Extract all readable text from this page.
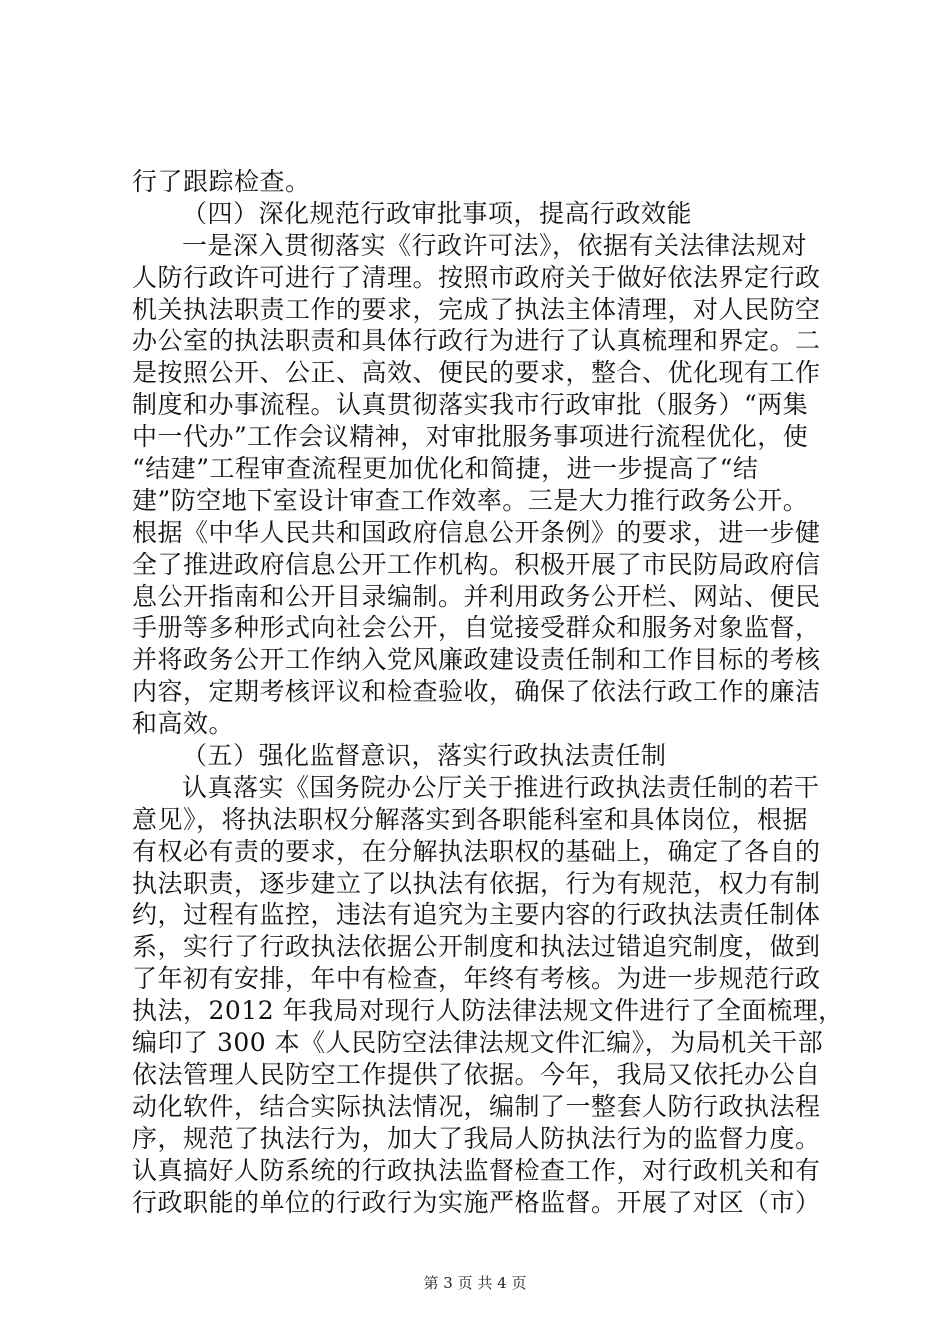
行了跟踪检查。

（四）深化规范行政审批事项，提高行政效能

一是深入贯彻落实《行政许可法》，依据有关法律法规对

人防行政许可进行了清理。按照市政府关于做好依法界定行政

机关执法职责工作的要求，完成了执法主体清理，对人民防空

办公室的执法职责和具体行政行为进行了认真梳理和界定。二

是按照公开、公正、高效、便民的要求，整合、优化现有工作

制度和办事流程。认真贯彻落实我市行政审批（服务）“两集

中一代办”工作会议精神，对审批服务事项进行流程优化，使

“结建”工程审查流程更加优化和简捷，进一步提高了“结

建”防空地下室设计审查工作效率。三是大力推行政务公开。

根据《中华人民共和国政府信息公开条例》的要求，进一步健

全了推进政府信息公开工作机构。积极开展了市民防局政府信

息公开指南和公开目录编制。并利用政务公开栏、网站、便民

手册等多种形式向社会公开，自觉接受群众和服务对象监督，

并将政务公开工作纳入党风廉政建设责任制和工作目标的考核

内容，定期考核评议和检查验收，确保了依法行政工作的廉洁

和高效。

（五）强化监督意识，落实行政执法责任制

认真落实《国务院办公厅关于推进行政执法责任制的若干

意见》，将执法职权分解落实到各职能科室和具体岗位，根据

有权必有责的要求，在分解执法职权的基础上，确定了各自的

执法职责，逐步建立了以执法有依据，行为有规范，权力有制

约，过程有监控，违法有追究为主要内容的行政执法责任制体

系，实行了行政执法依据公开制度和执法过错追究制度，做到

了年初有安排，年中有检查，年终有考核。为进一步规范行政

执法，2012 年我局对现行人防法律法规文件进行了全面梳理，

编印了 300 本《人民防空法律法规文件汇编》，为局机关干部

依法管理人民防空工作提供了依据。今年，我局又依托办公自

动化软件，结合实际执法情况，编制了一整套人防行政执法程

序，规范了执法行为，加大了我局人防执法行为的监督力度。

认真搞好人防系统的行政执法监督检查工作，对行政机关和有

行政职能的单位的行政行为实施严格监督。开展了对区（市）

第 3 页 共 4 页
